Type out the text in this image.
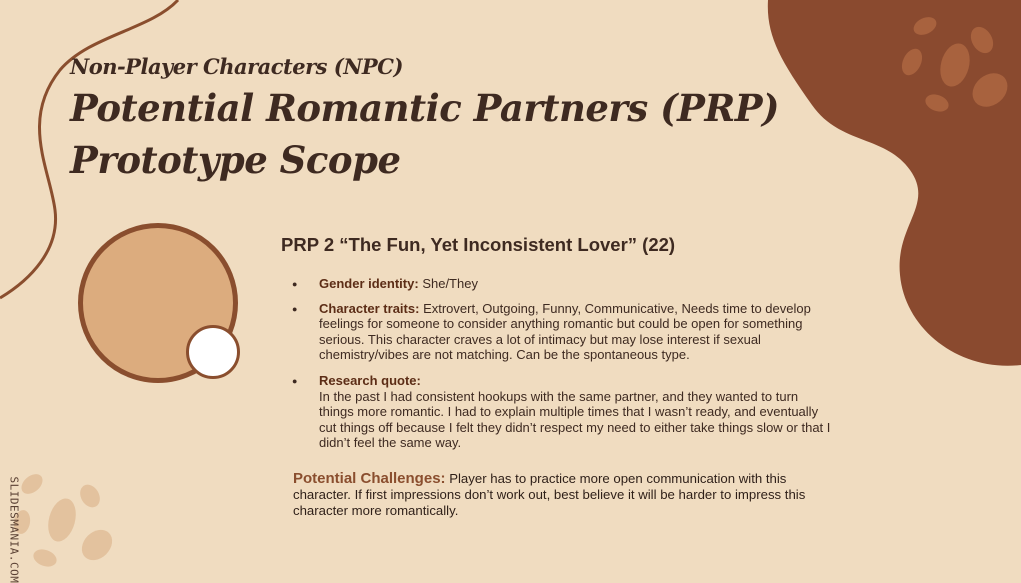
Non-Player Characters (NPC)
Potential Romantic Partners (PRP)
Prototype Scope
PRP 2 “The Fun, Yet Inconsistent Lover” (22)
● Gender identity: She/They
● Character traits: Extrovert, Outgoing, Funny, Communicative, Needs time to develop feelings for someone to consider anything romantic but could be open for something serious. This character craves a lot of intimacy but may lose interest if sexual chemistry/vibes are not matching. Can be the spontaneous type.
● Research quote:
In the past I had consistent hookups with the same partner, and they wanted to turn things more romantic. I had to explain multiple times that I wasn’t ready, and eventually cut things off because I felt they didn’t respect my need to either take things slow or that I didn’t feel the same way.

Potential Challenges: Player has to practice more open communication with this character. If first impressions don’t work out, best believe it will be harder to impress this character more romantically.

SLIDESMANIA.COM
